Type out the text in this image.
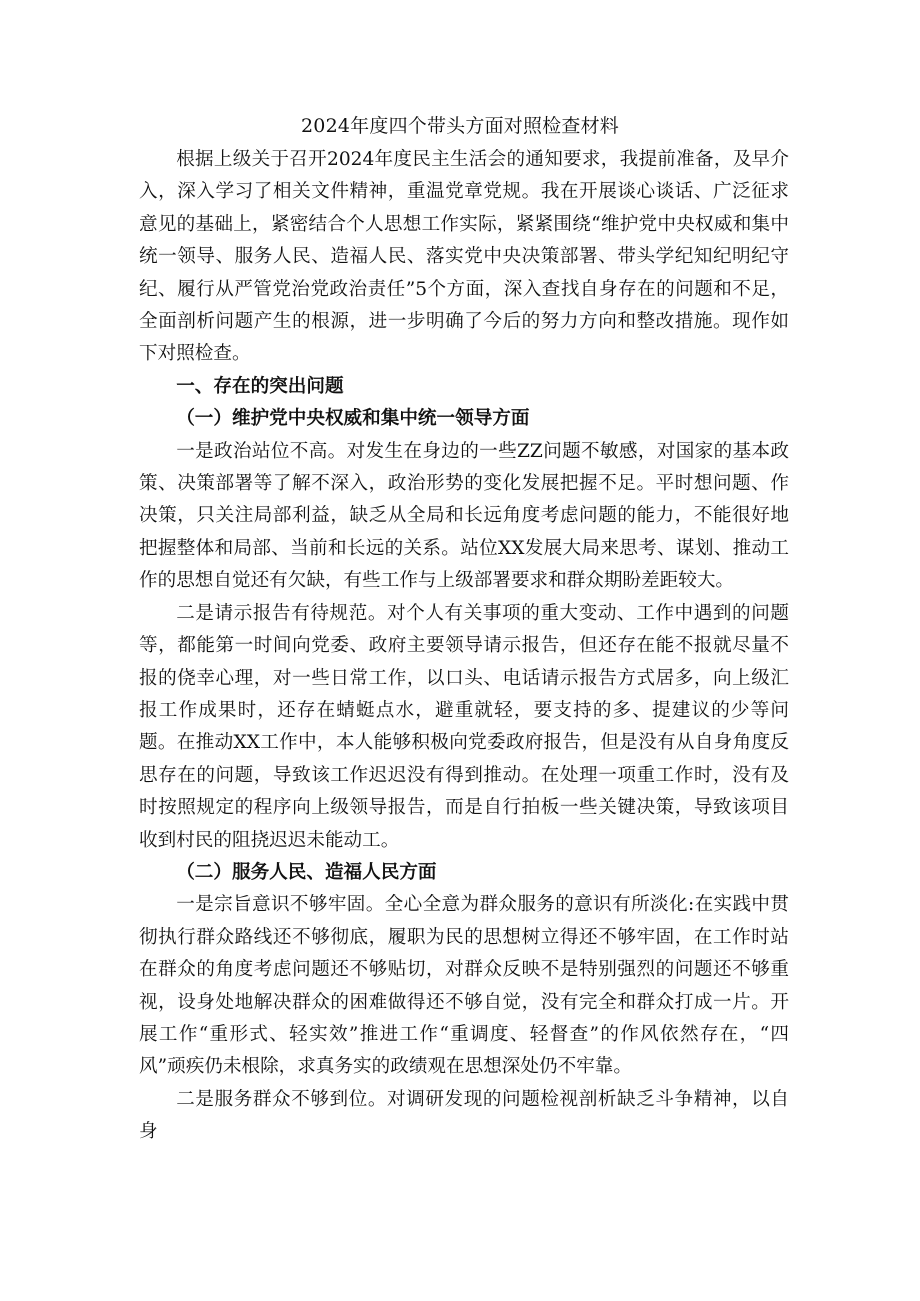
2024年度四个带头方面对照检查材料

根据上级关于召开2024年度民主生活会的通知要求，我提前准备，及早介入，深入学习了相关文件精神，重温党章党规。我在开展谈心谈话、广泛征求意见的基础上，紧密结合个人思想工作实际，紧紧围绕“维护党中央权威和集中统一领导、服务人民、造福人民、落实党中央决策部署、带头学纪知纪明纪守纪、履行从严管党治党政治责任”5个方面，深入查找自身存在的问题和不足，全面剖析问题产生的根源，进一步明确了今后的努力方向和整改措施。现作如下对照检查。

一、存在的突出问题

（一）维护党中央权威和集中统一领导方面

一是政治站位不高。对发生在身边的一些ZZ问题不敏感，对国家的基本政策、决策部署等了解不深入，政治形势的变化发展把握不足。平时想问题、作决策，只关注局部利益，缺乏从全局和长远角度考虑问题的能力，不能很好地把握整体和局部、当前和长远的关系。站位XX发展大局来思考、谋划、推动工作的思想自觉还有欠缺，有些工作与上级部署要求和群众期盼差距较大。

二是请示报告有待规范。对个人有关事项的重大变动、工作中遇到的问题等，都能第一时间向党委、政府主要领导请示报告，但还存在能不报就尽量不报的侥幸心理，对一些日常工作，以口头、电话请示报告方式居多，向上级汇报工作成果时，还存在蜻蜓点水，避重就轻，要支持的多、提建议的少等问题。在推动XX工作中，本人能够积极向党委政府报告，但是没有从自身角度反思存在的问题，导致该工作迟迟没有得到推动。在处理一项重工作时，没有及时按照规定的程序向上级领导报告，而是自行拍板一些关键决策，导致该项目收到村民的阻挠迟迟未能动工。

（二）服务人民、造福人民方面

一是宗旨意识不够牢固。全心全意为群众服务的意识有所淡化:在实践中贯彻执行群众路线还不够彻底，履职为民的思想树立得还不够牢固，在工作时站在群众的角度考虑问题还不够贴切，对群众反映不是特别强烈的问题还不够重视，设身处地解决群众的困难做得还不够自觉，没有完全和群众打成一片。开展工作“重形式、轻实效”推进工作“重调度、轻督查”的作风依然存在，“四风”顽疾仍未根除，求真务实的政绩观在思想深处仍不牢靠。

二是服务群众不够到位。对调研发现的问题检视剖析缺乏斗争精神，以自身
